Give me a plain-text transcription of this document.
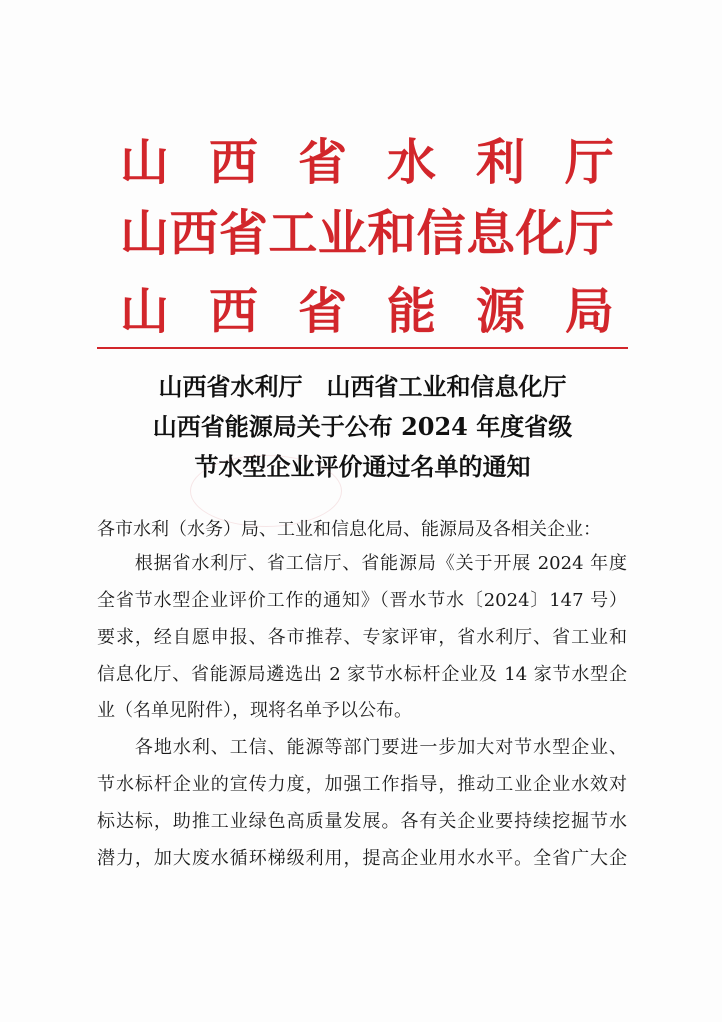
山 西 省 水 利 厅
山 西 省 工 业 和 信 息 化 厅
山 西 省 能 源 局
山西省水利厅　山西省工业和信息化厅
山西省能源局关于公布 2024 年度省级
节水型企业评价通过名单的通知
各市水利（水务）局、工业和信息化局、能源局及各相关企业：
　　根据省水利厅、省工信厅、省能源局《关于开展 2024 年度
全省节水型企业评价工作的通知》（晋水节水〔2024〕147 号）
要求，经自愿申报、各市推荐、专家评审，省水利厅、省工业和
信息化厅、省能源局遴选出 2 家节水标杆企业及 14 家节水型企
业（名单见附件），现将名单予以公布。
　　各地水利、工信、能源等部门要进一步加大对节水型企业、
节水标杆企业的宣传力度，加强工作指导，推动工业企业水效对
标达标，助推工业绿色高质量发展。各有关企业要持续挖掘节水
潜力，加大废水循环梯级利用，提高企业用水水平。全省广大企
